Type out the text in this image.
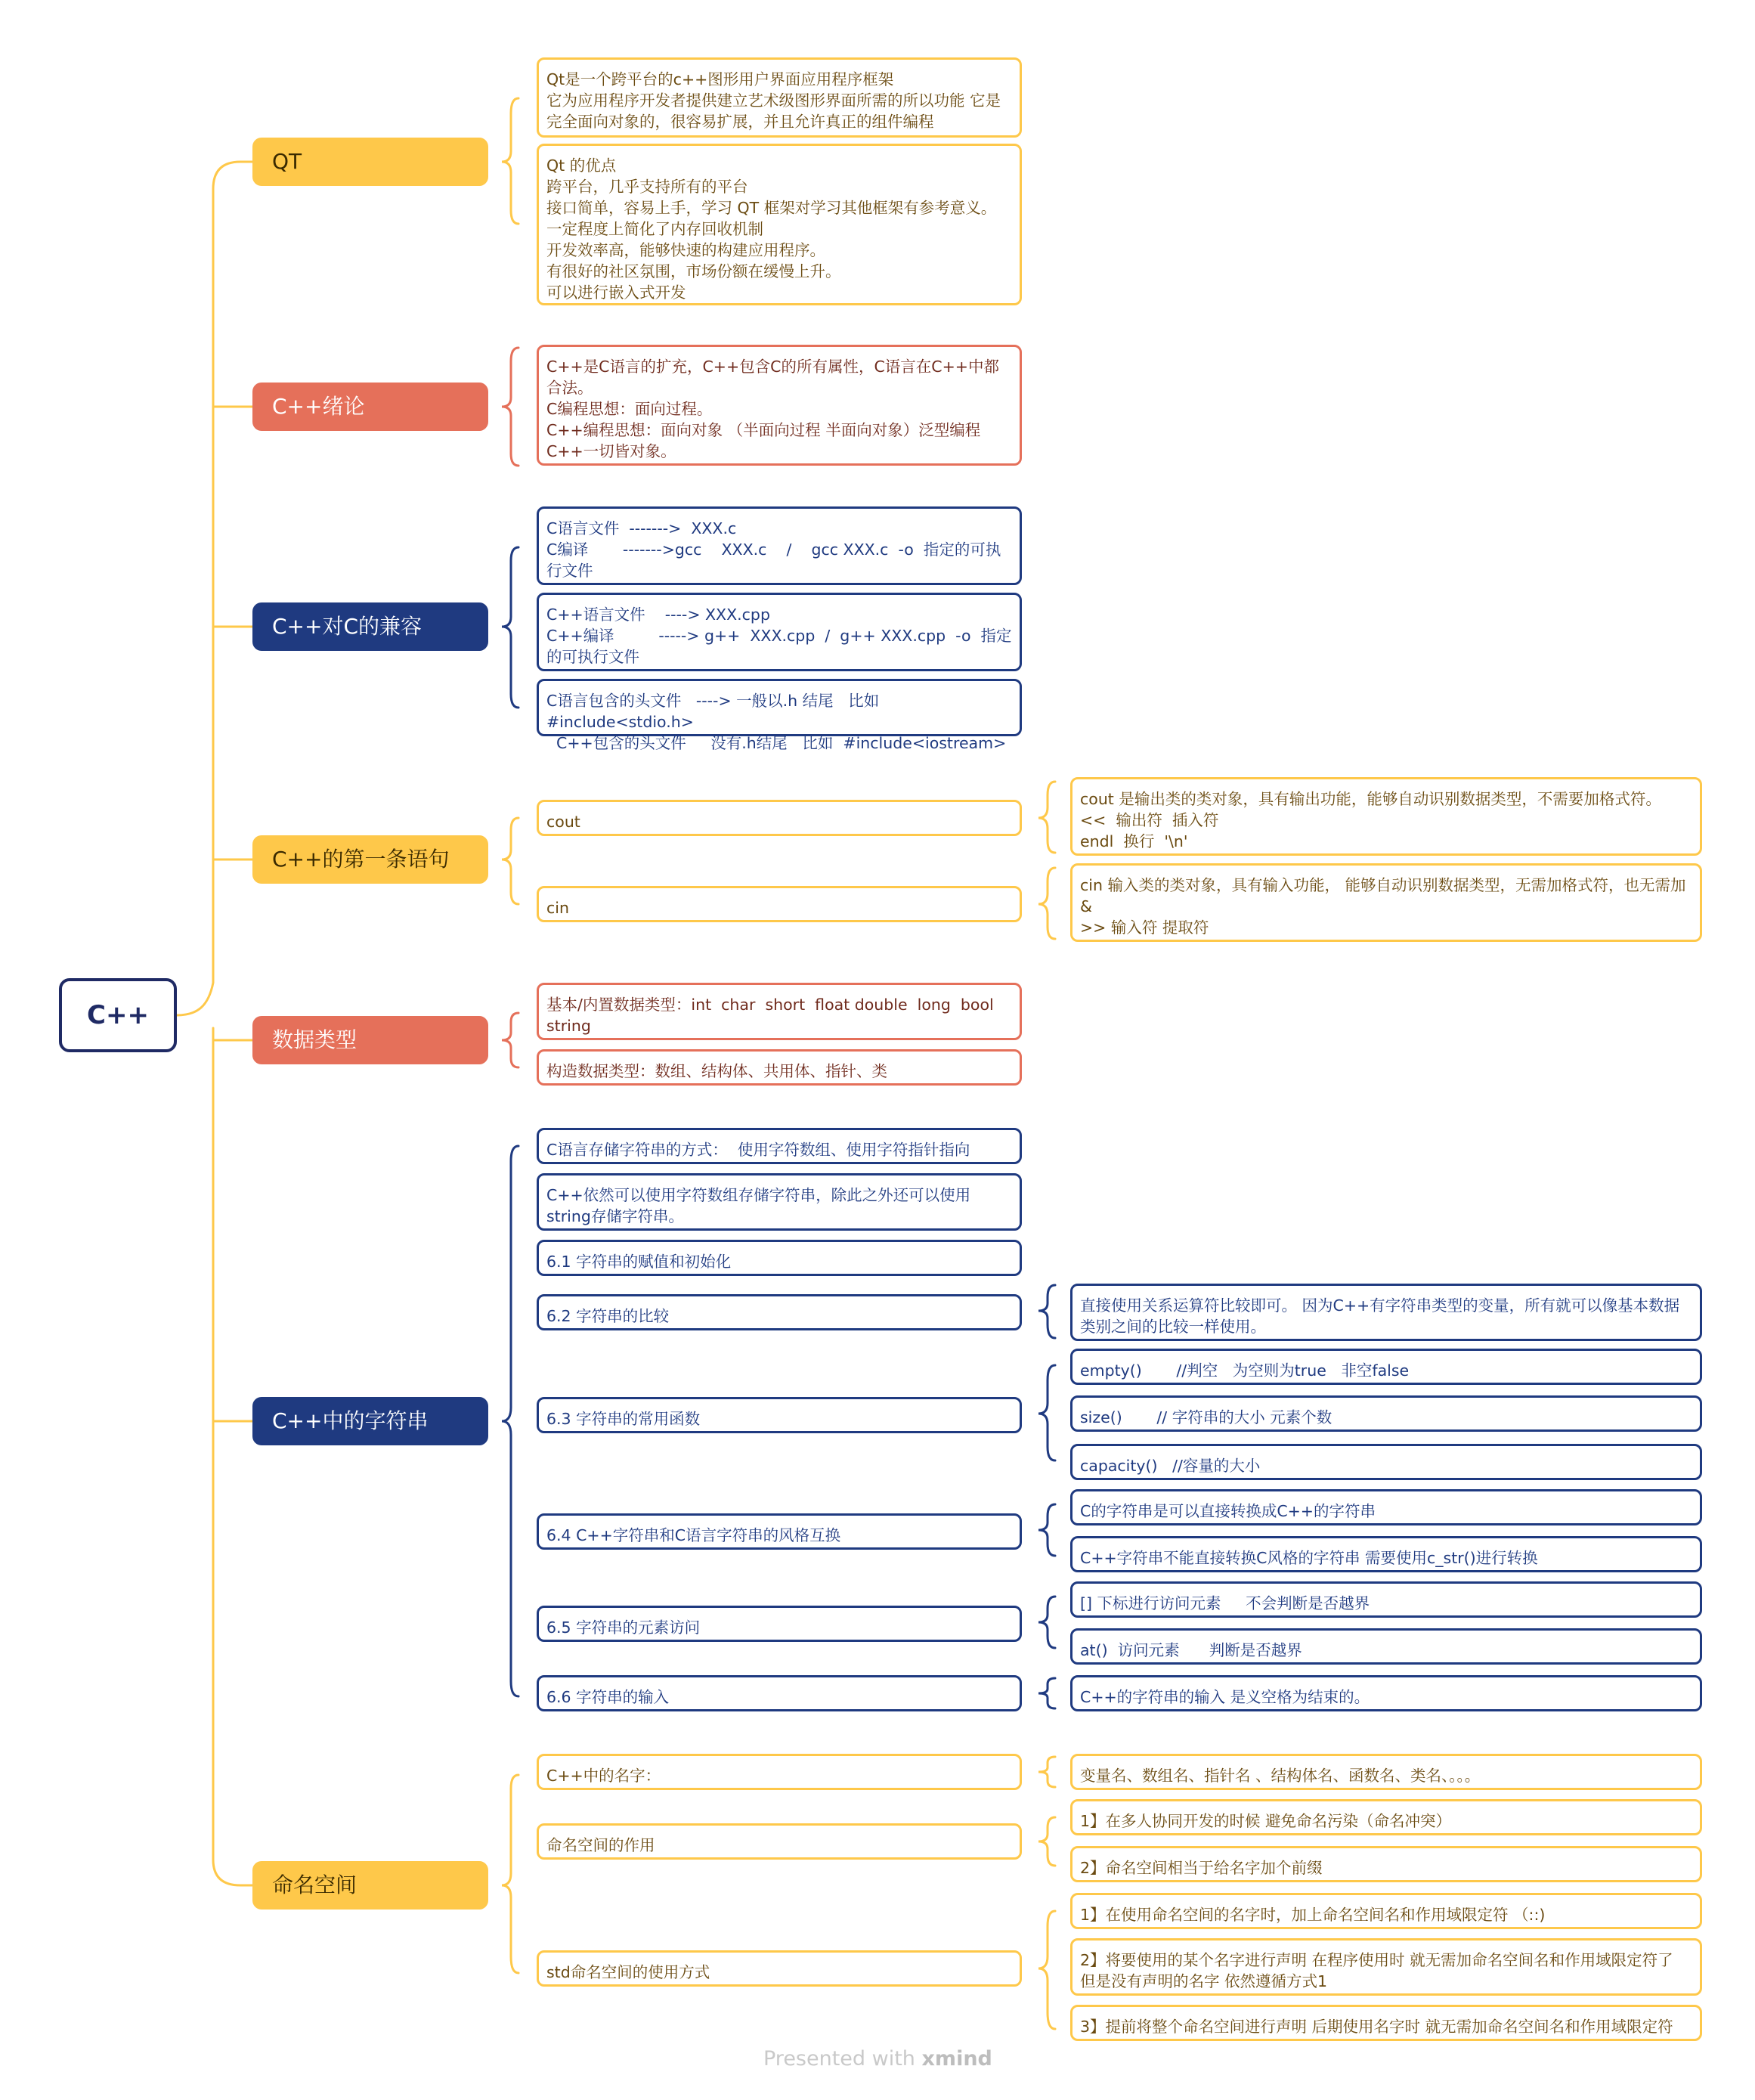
C++
QT
C++绪论
C++对C的兼容
C++的第一条语句
数据类型
C++中的字符串string
命名空间
Qt是一个跨平台的c++图形用户界面应用程序框架
它为应用程序开发者提供建立艺术级图形界面所需的所以功能 它是完全面向对象的，很容易扩展，并且允许真正的组件编程
Qt 的优点
跨平台，几乎支持所有的平台
接口简单，容易上手，学习 QT 框架对学习其他框架有参考意义。
一定程度上简化了内存回收机制
开发效率高，能够快速的构建应用程序。
有很好的社区氛围，市场份额在缓慢上升。
可以进行嵌入式开发
C++是C语言的扩充，C++包含C的所有属性，C语言在C++中都合法。
C编程思想：面向过程。
C++编程思想：面向对象 （半面向过程 半面向对象）泛型编程
C++一切皆对象。
C语言文件  ------->  XXX.c
C编译       ------->gcc    XXX.c    /    gcc XXX.c  -o  指定的可执行文件
C++语言文件    ----> XXX.cpp
C++编译         -----> g++  XXX.cpp  /  g++ XXX.cpp  -o  指定的可执行文件
C语言包含的头文件   ----> 一般以.h 结尾   比如#include<stdio.h>
C++包含的头文件     没有.h结尾   比如  #include<iostream>
cout
cin
cout 是输出类的类对象，具有输出功能，能够自动识别数据类型，不需要加格式符。
<<  输出符  插入符
endl  换行  '\n'
cin 输入类的类对象，具有输入功能， 能够自动识别数据类型，无需加格式符，也无需加&
>> 输入符 提取符
基本/内置数据类型：int  char  short  float double  long  bool  string
构造数据类型：数组、结构体、共用体、指针、类
C语言存储字符串的方式：  使用字符数组、使用字符指针指向
C++依然可以使用字符数组存储字符串，除此之外还可以使用string存储字符串。
6.1 字符串的赋值和初始化
6.2 字符串的比较
直接使用关系运算符比较即可。 因为C++有字符串类型的变量，所有就可以像基本数据类别之间的比较一样使用。
6.3 字符串的常用函数
empty()       //判空   为空则为true   非空false
size()       // 字符串的大小 元素个数
capacity()   //容量的大小
6.4 C++字符串和C语言字符串的风格互换
C的字符串是可以直接转换成C++的字符串
C++字符串不能直接转换C风格的字符串 需要使用c_str()进行转换
6.5 字符串的元素访问
[] 下标进行访问元素     不会判断是否越界
at()  访问元素      判断是否越界
6.6 字符串的输入	C++的字符串的输入 是义空格为结束的。
C++中的名字：	变量名、数组名、指针名 、结构体名、函数名、类名、。。。
命名空间的作用
1】在多人协同开发的时候 避免命名污染（命名冲突）
2】命名空间相当于给名字加个前缀
std命名空间的使用方式
1】在使用命名空间的名字时，加上命名空间名和作用域限定符 （::)
2】将要使用的某个名字进行声明 在程序使用时 就无需加命名空间名和作用域限定符了 但是没有声明的名字 依然遵循方式1
3】提前将整个命名空间进行声明 后期使用名字时 就无需加命名空间名和作用域限定符
Presented with xmind
